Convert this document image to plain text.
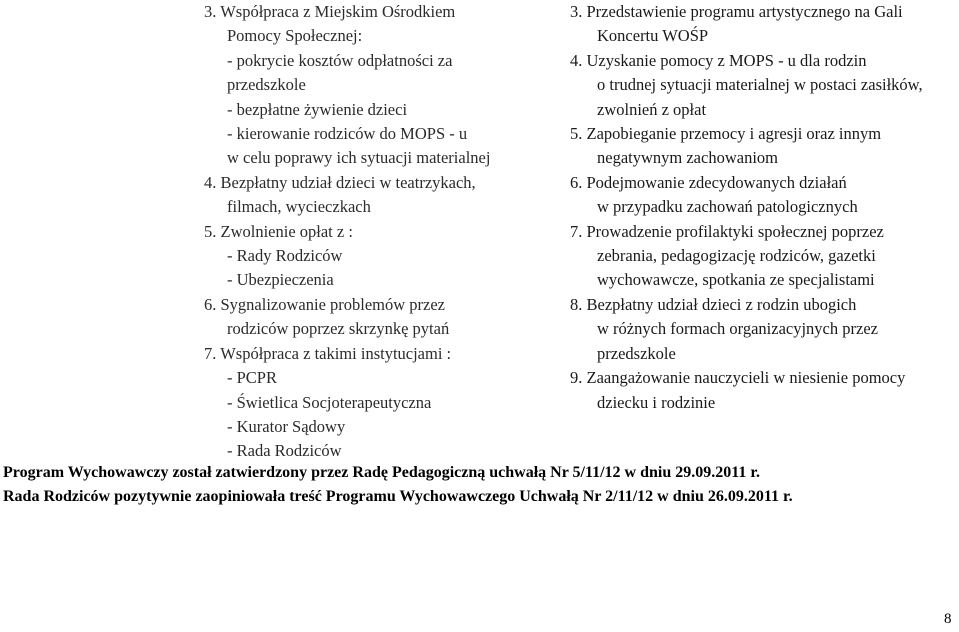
3. Współpraca z Miejskim Ośrodkiem
Pomocy Społecznej:
- pokrycie kosztów odpłatności za
przedszkole
- bezpłatne żywienie dzieci
- kierowanie rodziców do MOPS - u
w celu poprawy ich sytuacji materialnej
4. Bezpłatny udział dzieci w teatrzykach,
filmach, wycieczkach
5. Zwolnienie opłat z :
- Rady Rodziców
- Ubezpieczenia
6. Sygnalizowanie problemów przez
rodziców poprzez skrzynkę pytań
7. Współpraca z takimi instytucjami :
- PCPR
- Świetlica Socjoterapeutyczna
- Kurator Sądowy
- Rada Rodziców
3. Przedstawienie programu artystycznego na Gali
Koncertu WOŚP
4. Uzyskanie pomocy z MOPS - u dla rodzin
o trudnej sytuacji materialnej w postaci zasiłków,
zwolnień z opłat
5. Zapobieganie przemocy i agresji oraz innym
negatywnym zachowaniom
6. Podejmowanie zdecydowanych działań
w przypadku zachowań patologicznych
7. Prowadzenie profilaktyki społecznej poprzez
zebrania, pedagogizację rodziców, gazetki
wychowawcze, spotkania ze specjalistami
8. Bezpłatny udział dzieci z rodzin ubogich
w różnych formach organizacyjnych przez
przedszkole
9. Zaangażowanie nauczycieli w niesienie pomocy
dziecku i rodzinie
Program Wychowawczy został zatwierdzony przez Radę Pedagogiczną uchwałą Nr 5/11/12 w dniu 29.09.2011 r.
Rada Rodziców pozytywnie zaopiniowała treść Programu Wychowawczego Uchwałą Nr 2/11/12 w dniu 26.09.2011 r.
8
